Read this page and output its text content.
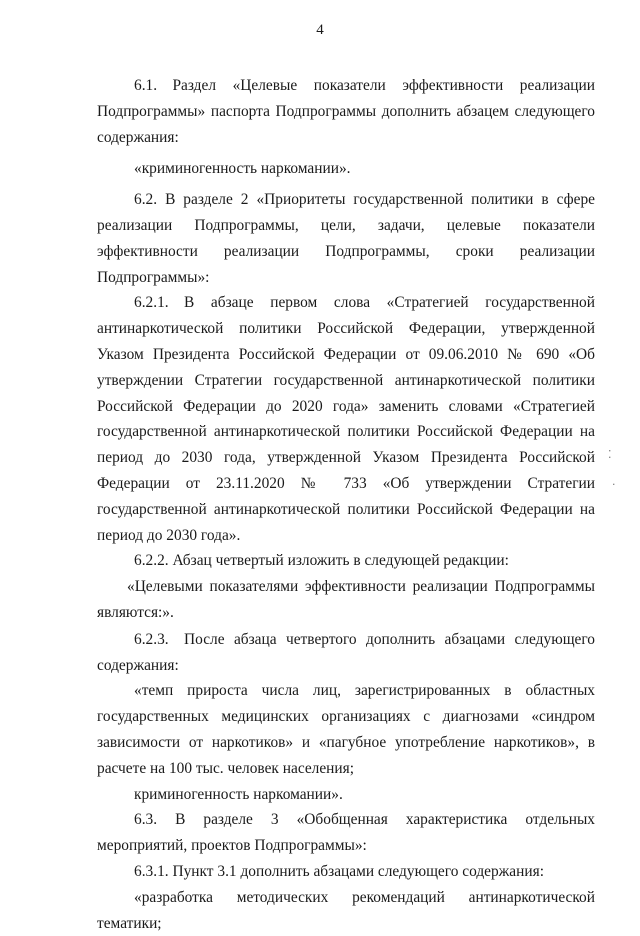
4

6.1. Раздел «Целевые показатели эффективности реализации Подпрограммы» паспорта Подпрограммы дополнить абзацем следующего содержания:

«криминогенность наркомании».

6.2. В разделе 2 «Приоритеты государственной политики в сфере реализации Подпрограммы, цели, задачи, целевые показатели эффективности реализации Подпрограммы, сроки реализации Подпрограммы»:

6.2.1. В абзаце первом слова «Стратегией государственной антинаркотической политики Российской Федерации, утвержденной Указом Президента Российской Федерации от 09.06.2010 № 690 «Об утверждении Стратегии государственной антинаркотической политики Российской Федерации до 2020 года» заменить словами «Стратегией государственной антинаркотической политики Российской Федерации на период до 2030 года, утвержденной Указом Президента Российской Федерации от 23.11.2020 № 733 «Об утверждении Стратегии государственной антинаркотической политики Российской Федерации на период до 2030 года».

6.2.2. Абзац четвертый изложить в следующей редакции:

«Целевыми показателями эффективности реализации Подпрограммы являются:».

6.2.3. После абзаца четвертого дополнить абзацами следующего содержания:

«темп прироста числа лиц, зарегистрированных в областных государственных медицинских организациях с диагнозами «синдром зависимости от наркотиков» и «пагубное употребление наркотиков», в расчете на 100 тыс. человек населения;

криминогенность наркомании».

6.3. В разделе 3 «Обобщенная характеристика отдельных мероприятий, проектов Подпрограммы»:

6.3.1. Пункт 3.1 дополнить абзацами следующего содержания:

«разработка методических рекомендаций антинаркотической тематики;

⁚
·
